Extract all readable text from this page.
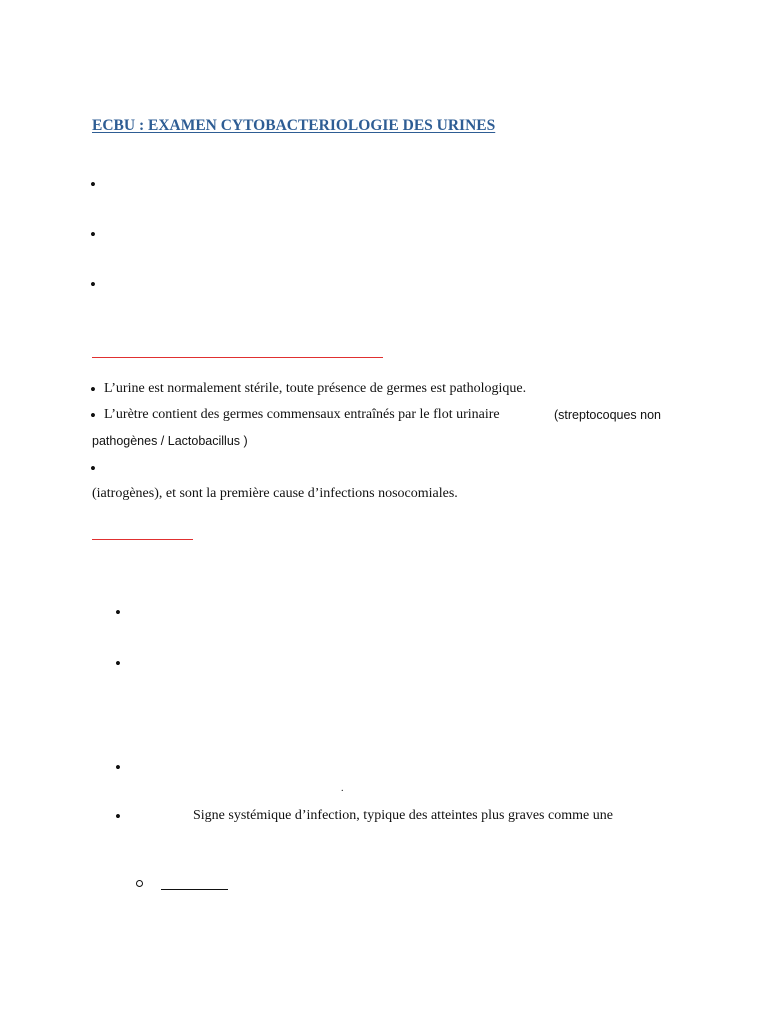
ECBU : EXAMEN CYTOBACTERIOLOGIE DES URINES
•
•
•
• L’urine est normalement stérile, toute présence de germes est pathologique.
• L’urètre contient des germes commensaux entraînés par le flot urinaire	(streptocoques non
pathogènes / Lactobacillus )
•
(iatrogènes), et sont la première cause d’infections nosocomiales.
•
•
•
.
•	Signe systémique d’infection, typique des atteintes plus graves comme une
